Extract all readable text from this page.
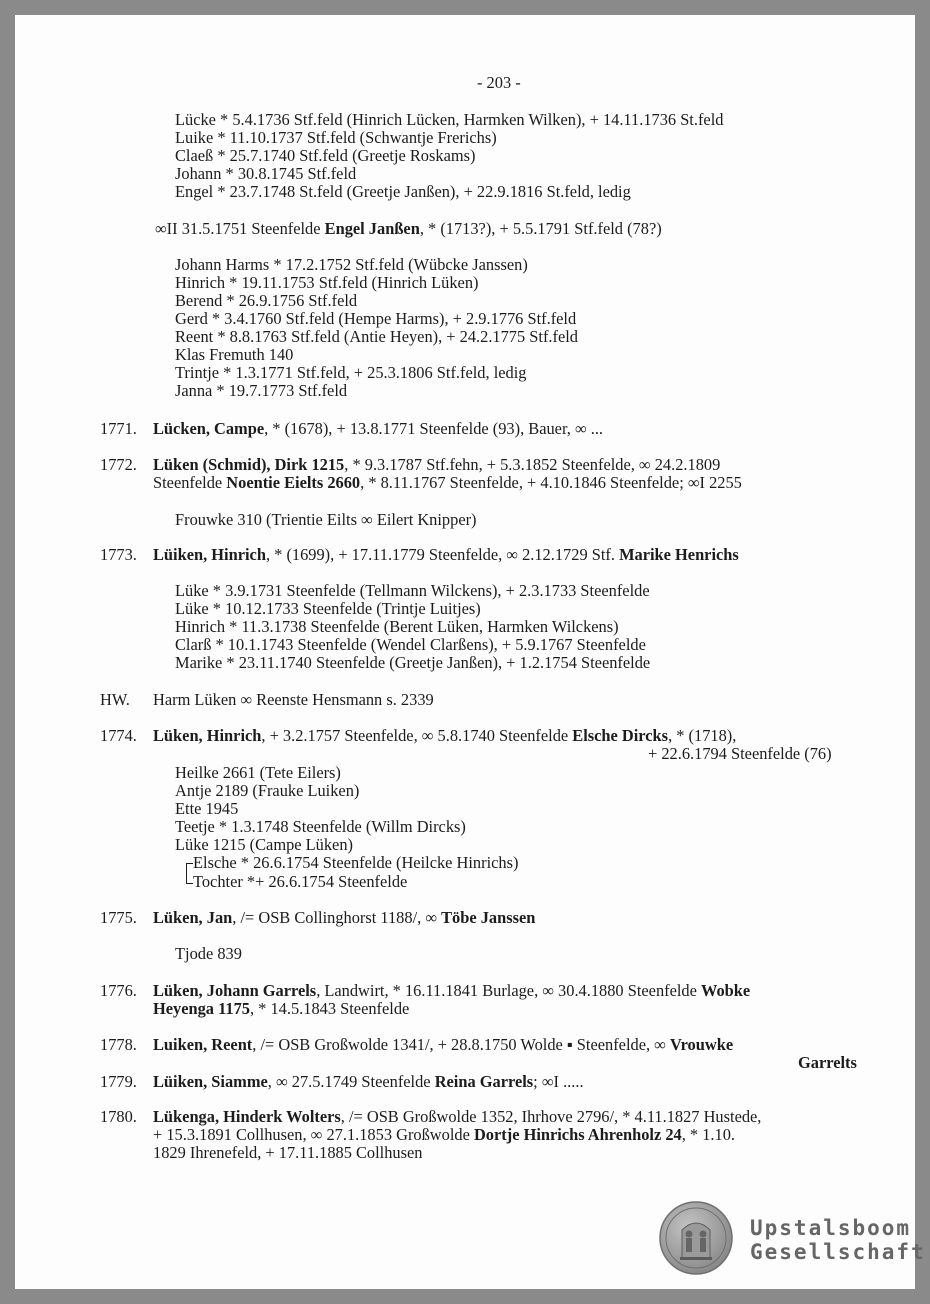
- 203 -
Lücke * 5.4.1736 Stf.feld (Hinrich Lücken, Harmken Wilken), + 14.11.1736 St.feld
Luike * 11.10.1737 Stf.feld (Schwantje Frerichs)
Claeß * 25.7.1740 Stf.feld (Greetje Roskams)
Johann * 30.8.1745 Stf.feld
Engel * 23.7.1748 St.feld (Greetje Janßen), + 22.9.1816 St.feld, ledig
∞II 31.5.1751 Steenfelde Engel Janßen, * (1713?), + 5.5.1791 Stf.feld (78?)
Johann Harms * 17.2.1752 Stf.feld (Wübcke Janssen)
Hinrich * 19.11.1753 Stf.feld (Hinrich Lüken)
Berend * 26.9.1756 Stf.feld
Gerd * 3.4.1760 Stf.feld (Hempe Harms), + 2.9.1776 Stf.feld
Reent * 8.8.1763 Stf.feld (Antie Heyen), + 24.2.1775 Stf.feld
Klas Fremuth 140
Trintje * 1.3.1771 Stf.feld, + 25.3.1806 Stf.feld, ledig
Janna * 19.7.1773 Stf.feld
1771. Lücken, Campe, * (1678), + 13.8.1771 Steenfelde (93), Bauer, ∞ ...
1772. Lüken (Schmid), Dirk 1215, * 9.3.1787 Stf.fehn, + 5.3.1852 Steenfelde, ∞ 24.2.1809
Steenfelde Noentie Eielts 2660, * 8.11.1767 Steenfelde, + 4.10.1846 Steenfelde; ∞I 2255
Frouwke 310 (Trientie Eilts ∞ Eilert Knipper)
1773. Lüiken, Hinrich, * (1699), + 17.11.1779 Steenfelde, ∞ 2.12.1729 Stf. Marike Henrichs
Lüke * 3.9.1731 Steenfelde (Tellmann Wilckens), + 2.3.1733 Steenfelde
Lüke * 10.12.1733 Steenfelde (Trintje Luitjes)
Hinrich * 11.3.1738 Steenfelde (Berent Lüken, Harmken Wilckens)
Clarß * 10.1.1743 Steenfelde (Wendel Clarßens), + 5.9.1767 Steenfelde
Marike * 23.11.1740 Steenfelde (Greetje Janßen), + 1.2.1754 Steenfelde
HW. Harm Lüken ∞ Reenste Hensmann s. 2339
1774. Lüken, Hinrich, + 3.2.1757 Steenfelde, ∞ 5.8.1740 Steenfelde Elsche Dircks, * (1718),
+ 22.6.1794 Steenfelde (76)
Heilke 2661 (Tete Eilers)
Antje 2189 (Frauke Luiken)
Ette 1945
Teetje * 1.3.1748 Steenfelde (Willm Dircks)
Lüke 1215 (Campe Lüken)
Elsche * 26.6.1754 Steenfelde (Heilcke Hinrichs)
Tochter *+ 26.6.1754 Steenfelde
1775. Lüken, Jan, /= OSB Collinghorst 1188/, ∞ Töbe Janssen
Tjode 839
1776. Lüken, Johann Garrels, Landwirt, * 16.11.1841 Burlage, ∞ 30.4.1880 Steenfelde Wobke
Heyenga 1175, * 14.5.1843 Steenfelde
1778. Luiken, Reent, /= OSB Großwolde 1341/, + 28.8.1750 Wolde ▪ Steenfelde, ∞ Vrouwke
Garrelts
1779. Lüiken, Siamme, ∞ 27.5.1749 Steenfelde Reina Garrels; ∞I .....
1780. Lükenga, Hinderk Wolters, /= OSB Großwolde 1352, Ihrhove 2796/, * 4.11.1827 Hustede,
+ 15.3.1891 Collhusen, ∞ 27.1.1853 Großwolde Dortje Hinrichs Ahrenholz 24, * 1.10.
1829 Ihrenefeld, + 17.11.1885 Collhusen
Upstalsboom
Gesellschaft
